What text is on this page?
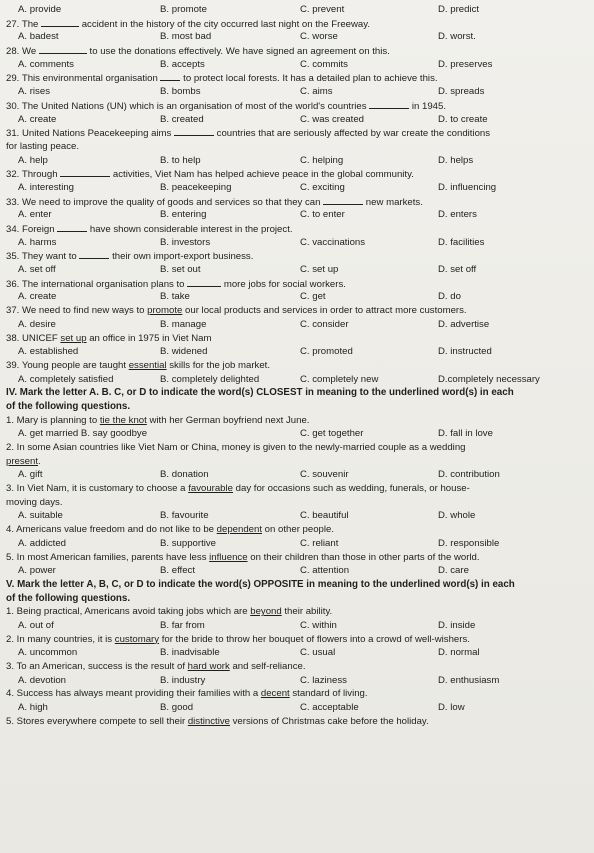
A. provide	B. promote	C. prevent	D. predict
27. The	accident in the history of the city occurred last night on the Freeway.
A. badest	B. most bad	C. worse	D. worst.
28. We	to use the donations effectively. We have signed an agreement on this.
A. comments	B. accepts	C. commits	D. preserves
29. This environmental organisation  to protect local forests. It has a detailed plan to achieve this.
A. rises	B. bombs	C. aims	D. spreads
30. The United Nations (UN) which is an organisation of most of the world's countries	in 1945.
A. create	B. created	C. was created	D. to create
31. United Nations Peacekeeping aims	countries that are seriously affected by war create the conditions
for lasting peace.
A. help	B. to help	C. helping	D. helps
32. Through	activities, Viet Nam has helped achieve peace in the global community.
A. interesting	B. peacekeeping	C. exciting	D. influencing
33. We need to improve the quality of goods and services so that they can	new markets.
A. enter	B. entering	C. to enter	D. enters
34. Foreign	have shown considerable interest in the project.
A. harms	B. investors	C. vaccinations	D. facilities
35. They want to	their own import-export business.
A. set off	B. set out	C. set up	D. set off
36. The international organisation plans to	more jobs for social workers.
A. create	B. take	C. get	D. do
37. We need to find new ways to promote our local products and services in order to attract more customers.
A. desire	B. manage	C. consider	D. advertise
38. UNICEF set up an office in 1975 in Viet Nam
A. established	B. widened	C. promoted	D. instructed
39. Young people are taught essential skills for the job market.
A. completely satisfied	B. completely delighted	C. completely new	D.completely necessary
IV. Mark the letter A. B. C, or D to indicate the word(s) CLOSEST in meaning to the underlined word(s) in each
of the following questions.
1. Mary is planning to tie the knot with her German boyfriend next June.
A. get married B. say goodbye	C. get together	D. fall in love
2. In some Asian countries like Viet Nam or China, money is given to the newly-married couple as a wedding
present.
A. gift	B. donation	C. souvenir	D. contribution
3. In Viet Nam, it is customary to choose a favourable day for occasions such as wedding, funerals, or house-
moving days.
A. suitable	B. favourite	C. beautiful	D. whole
4. Americans value freedom and do not like to be dependent on other people.
A. addicted	B. supportive	C. reliant	D. responsible
5. In most American families, parents have less influence on their children than those in other parts of the world.
A. power	B. effect	C. attention	D. care
V. Mark the letter A, B, C, or D to indicate the word(s) OPPOSITE in meaning to the underlined word(s) in each
of the following questions.
1. Being practical, Americans avoid taking jobs which are beyond their ability.
A. out of	B. far from	C. within	D. inside
2. In many countries, it is customary for the bride to throw her bouquet of flowers into a crowd of well-wishers.
A. uncommon	B. inadvisable	C. usual	D. normal
3. To an American, success is the result of hard work and self-reliance.
A. devotion	B. industry	C. laziness	D. enthusiasm
4. Success has always meant providing their families with a decent standard of living.
A. high	B. good	C. acceptable	D. low
5. Stores everywhere compete to sell their distinctive versions of Christmas cake before the holiday.
